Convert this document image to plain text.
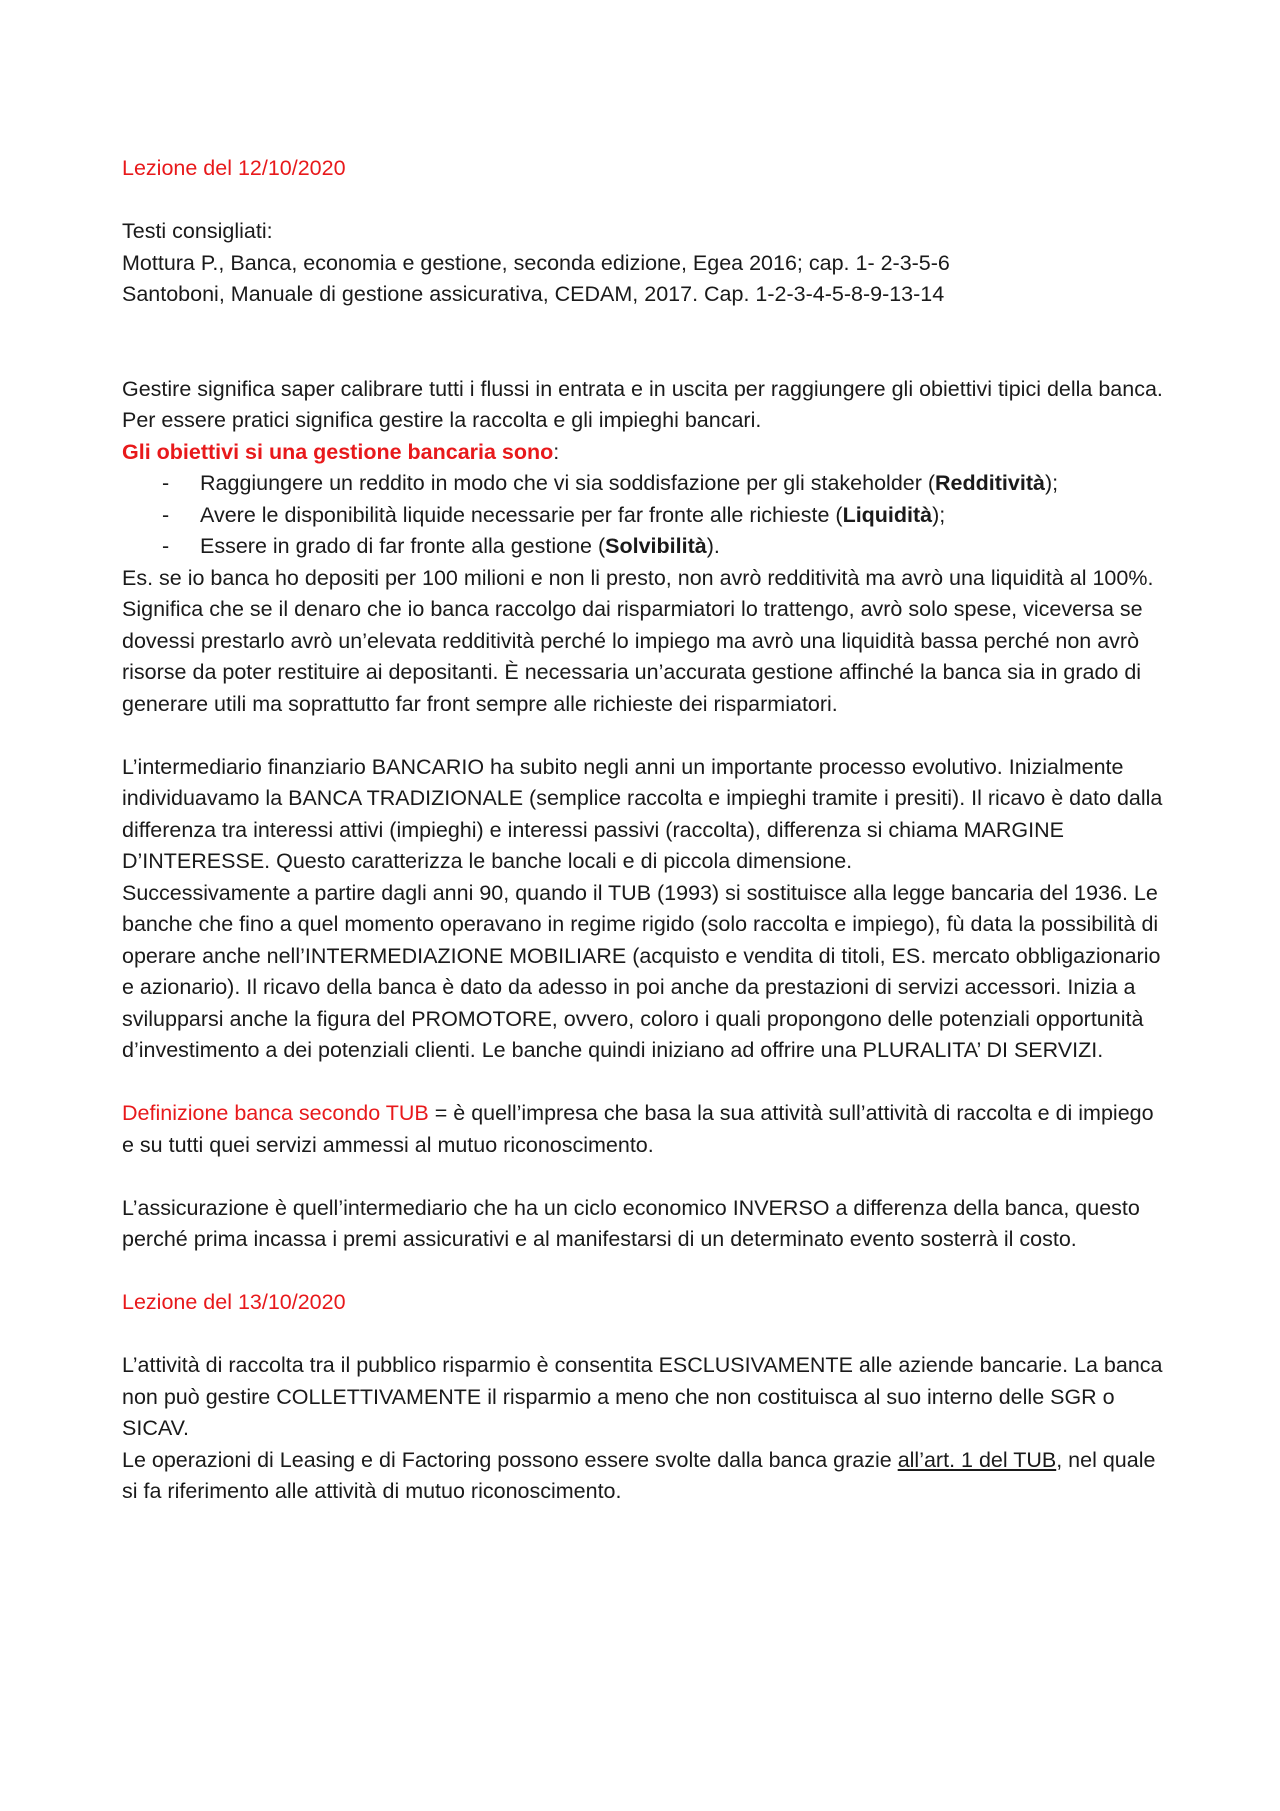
Lezione del 12/10/2020

Testi consigliati:

Mottura P., Banca, economia e gestione, seconda edizione, Egea 2016; cap. 1- 2-3-5-6

Santoboni, Manuale di gestione assicurativa, CEDAM, 2017. Cap. 1-2-3-4-5-8-9-13-14

Gestire significa saper calibrare tutti i flussi in entrata e in uscita per raggiungere gli obiettivi tipici della banca. Per essere pratici significa gestire la raccolta e gli impieghi bancari.

Gli obiettivi si una gestione bancaria sono:

- Raggiungere un reddito in modo che vi sia soddisfazione per gli stakeholder (Redditività);
- Avere le disponibilità liquide necessarie per far fronte alle richieste (Liquidità);
- Essere in grado di far fronte alla gestione (Solvibilità).

Es. se io banca ho depositi per 100 milioni e non li presto, non avrò redditività ma avrò una liquidità al 100%.

Significa che se il denaro che io banca raccolgo dai risparmiatori lo trattengo, avrò solo spese, viceversa se dovessi prestarlo avrò un’elevata redditività perché lo impiego ma avrò una liquidità bassa perché non avrò risorse da poter restituire ai depositanti. È necessaria un’accurata gestione affinché la banca sia in grado di generare utili ma soprattutto far front sempre alle richieste dei risparmiatori.

L’intermediario finanziario BANCARIO ha subito negli anni un importante processo evolutivo. Inizialmente individuavamo la BANCA TRADIZIONALE (semplice raccolta e impieghi tramite i presiti). Il ricavo è dato dalla differenza tra interessi attivi (impieghi) e interessi passivi (raccolta), differenza si chiama MARGINE D’INTERESSE. Questo caratterizza le banche locali e di piccola dimensione.

Successivamente a partire dagli anni 90, quando il TUB (1993) si sostituisce alla legge bancaria del 1936. Le banche che fino a quel momento operavano in regime rigido (solo raccolta e impiego), fù data la possibilità di operare anche nell’INTERMEDIAZIONE MOBILIARE (acquisto e vendita di titoli, ES. mercato obbligazionario e azionario). Il ricavo della banca è dato da adesso in poi anche da prestazioni di servizi accessori. Inizia a svilupparsi anche la figura del PROMOTORE, ovvero, coloro i quali propongono delle potenziali opportunità d’investimento a dei potenziali clienti. Le banche quindi iniziano ad offrire una PLURALITA’ DI SERVIZI.

Definizione banca secondo TUB = è quell’impresa che basa la sua attività sull’attività di raccolta e di impiego e su tutti quei servizi ammessi al mutuo riconoscimento.

L’assicurazione è quell’intermediario che ha un ciclo economico INVERSO a differenza della banca, questo perché prima incassa i premi assicurativi e al manifestarsi di un determinato evento sosterrà il costo.

Lezione del 13/10/2020

L’attività di raccolta tra il pubblico risparmio è consentita ESCLUSIVAMENTE alle aziende bancarie. La banca non può gestire COLLETTIVAMENTE il risparmio a meno che non costituisca al suo interno delle SGR o SICAV.

Le operazioni di Leasing e di Factoring possono essere svolte dalla banca grazie all’art. 1 del TUB, nel quale si fa riferimento alle attività di mutuo riconoscimento.
